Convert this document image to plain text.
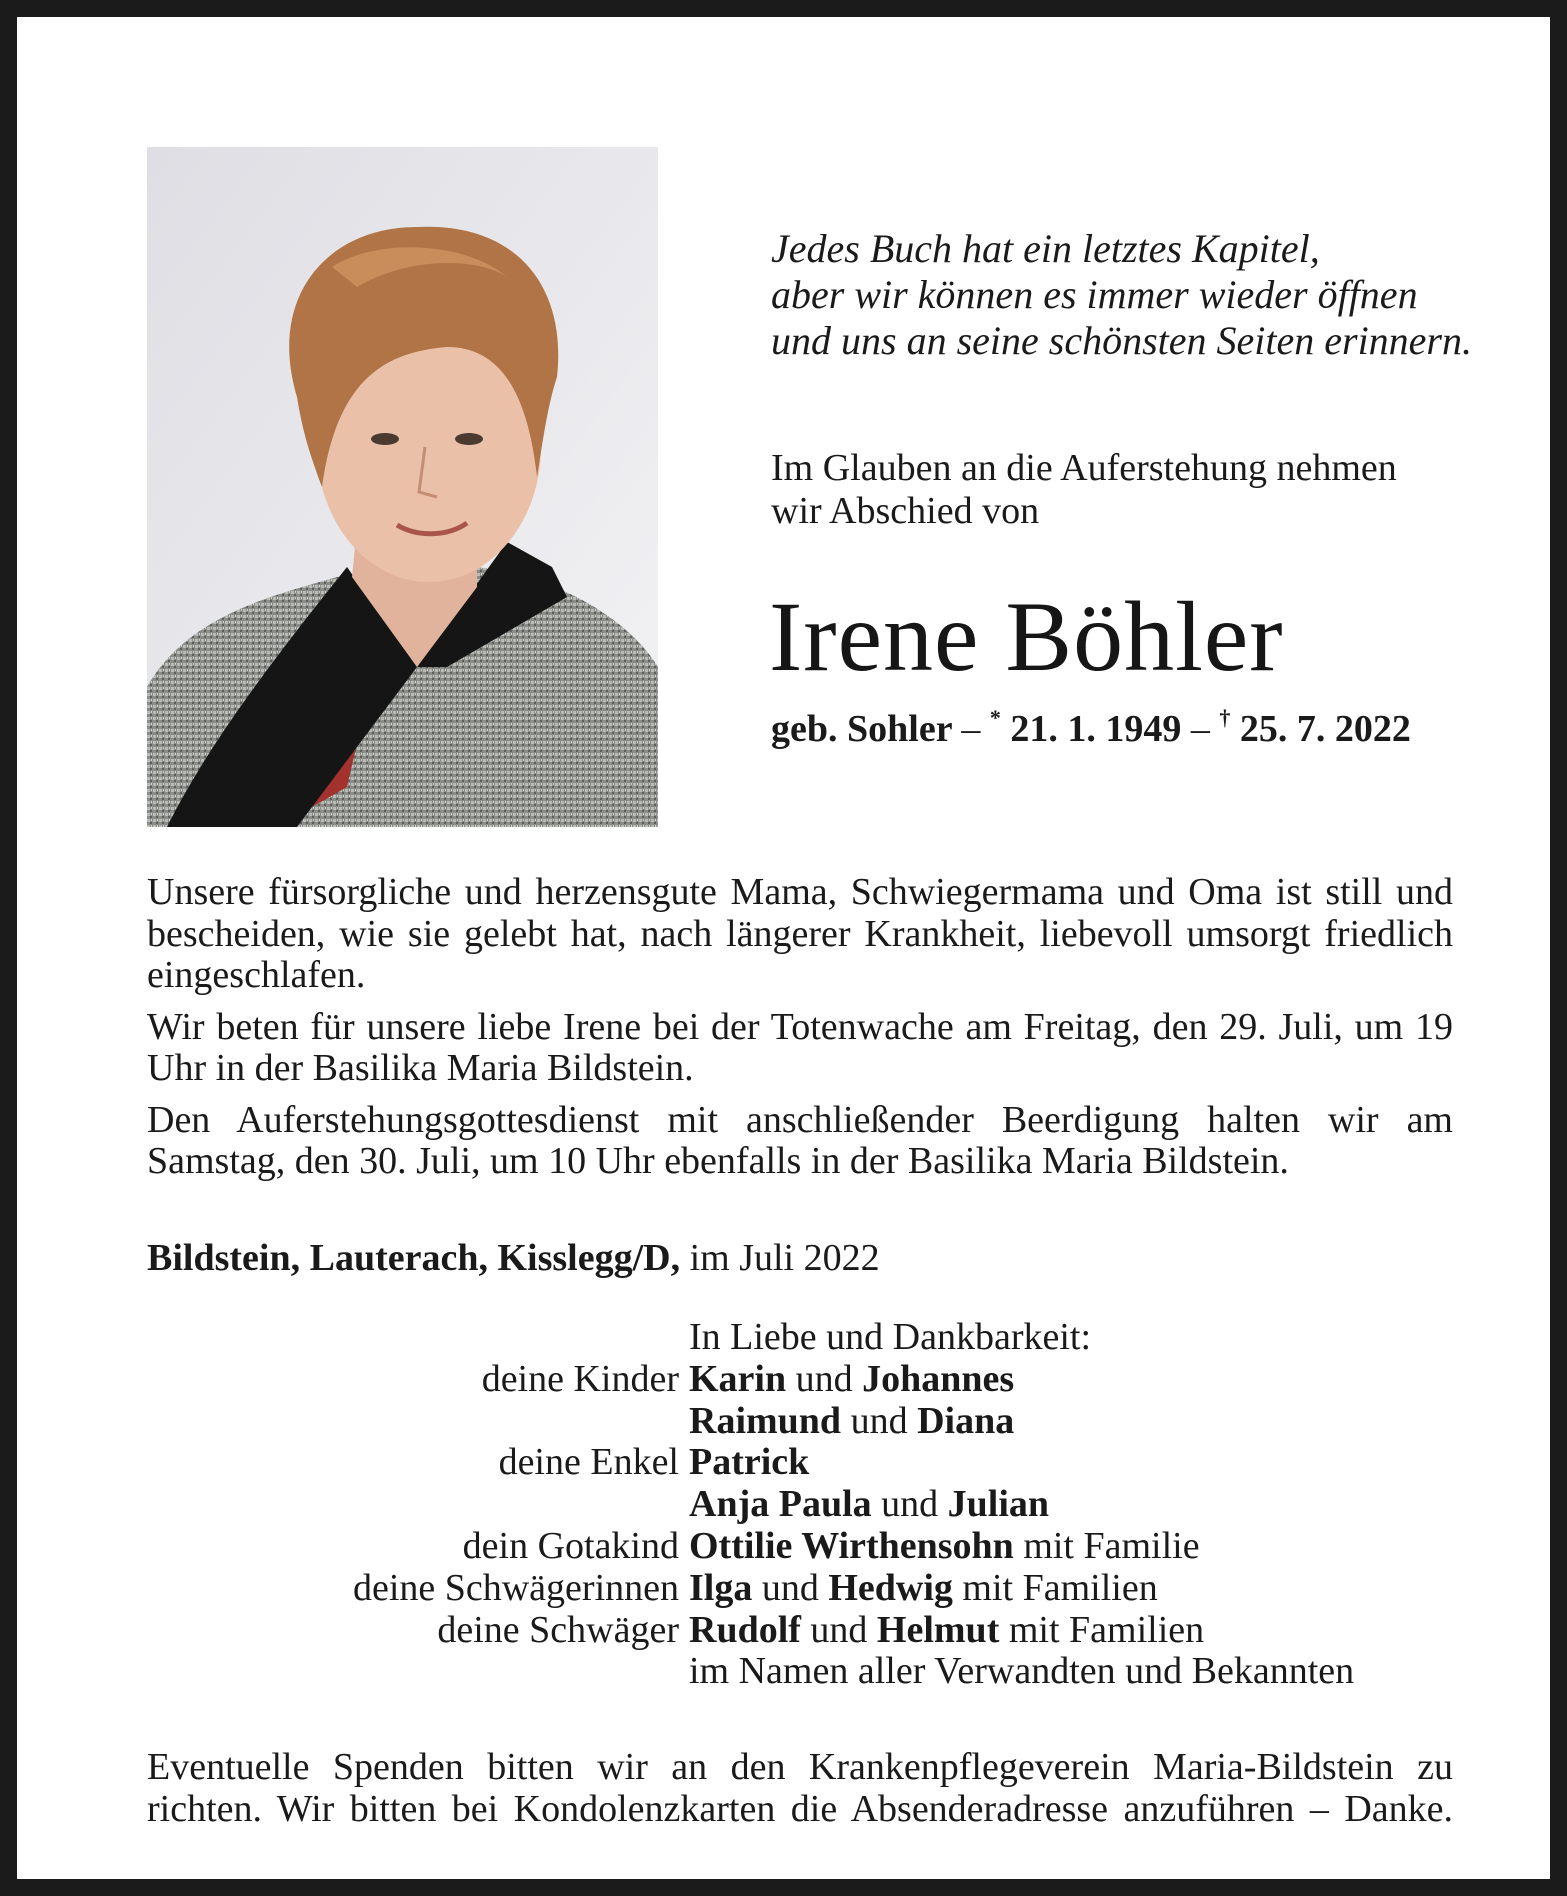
Jedes Buch hat ein letztes Kapitel,
aber wir können es immer wieder öffnen
und uns an seine schönsten Seiten erinnern.
Im Glauben an die Auferstehung nehmen
wir Abschied von
Irene Böhler
geb. Sohler – * 21. 1. 1949 – † 25. 7. 2022

Unsere fürsorgliche und herzensgute Mama, Schwiegermama und Oma ist still und bescheiden, wie sie gelebt hat, nach längerer Krankheit, liebevoll umsorgt friedlich eingeschlafen.

Wir beten für unsere liebe Irene bei der Totenwache am Freitag, den 29. Juli, um 19 Uhr in der Basilika Maria Bildstein.

Den Auferstehungsgottesdienst mit anschließender Beerdigung halten wir am Samstag, den 30. Juli, um 10 Uhr ebenfalls in der Basilika Maria Bildstein.

Bildstein, Lauterach, Kisslegg/D, im Juli 2022
In Liebe und Dankbarkeit:
deine Kinder Karin und Johannes
Raimund und Diana
deine Enkel Patrick
Anja Paula und Julian
dein Gotakind Ottilie Wirthensohn mit Familie
deine Schwägerinnen Ilga und Hedwig mit Familien
deine Schwäger Rudolf und Helmut mit Familien
im Namen aller Verwandten und Bekannten
Eventuelle Spenden bitten wir an den Krankenpflegeverein Maria-Bildstein zu
richten. Wir bitten bei Kondolenzkarten die Absenderadresse anzuführen – Danke.
